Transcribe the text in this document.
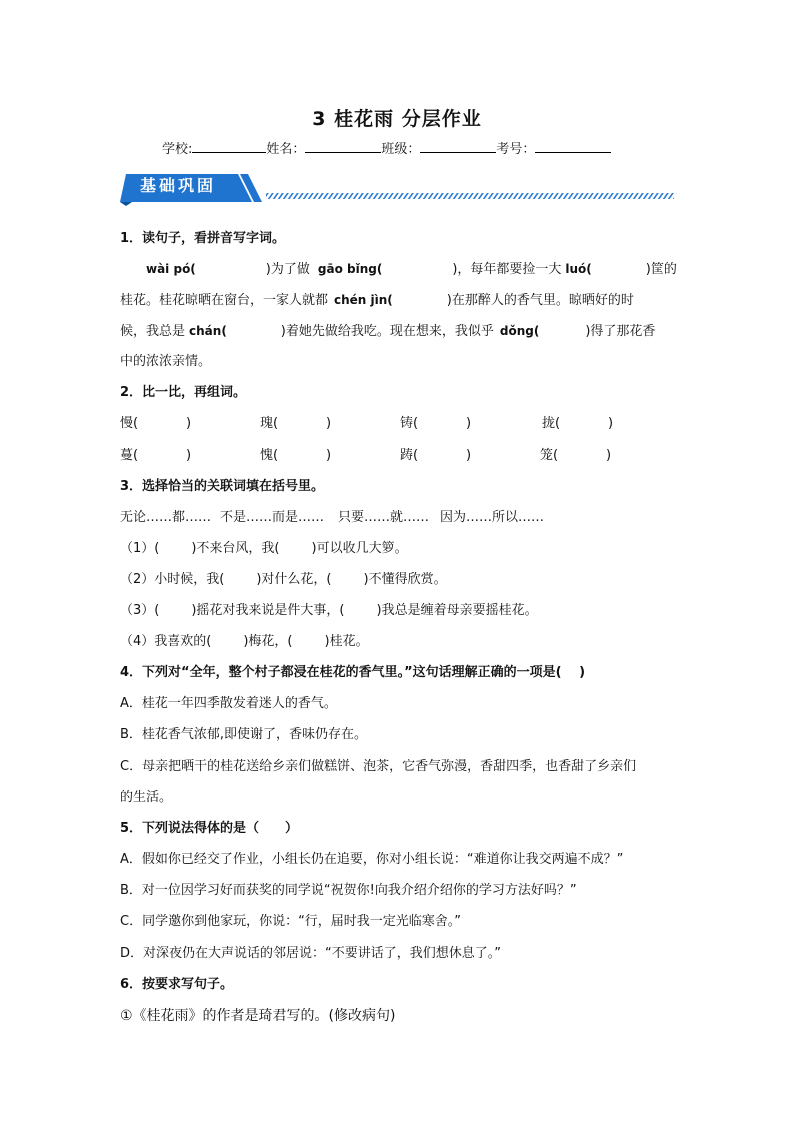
3 桂花雨 分层作业
学校:	姓名：	班级：	考号：
基础巩固
1．读句子，看拼音写字词。
wài pó(	)为了做 gāo bǐng(	)，每年都要捡一大 luó(	)筐的
桂花。桂花晾晒在窗台，一家人就都 chén jìn(	)在那醉人的香气里。晾晒好的时
候，我总是 chán(	)着她先做给我吃。现在想来，我似乎 dǒng(	)得了那花香
中的浓浓亲情。
2．比一比，再组词。
慢(	)	瑰(	)	铸(	)	拢(	)
蔓(	)	愧(	)	踌(	)	笼(	)
3．选择恰当的关联词填在括号里。
无论……都…… 不是……而是…… 只要……就…… 因为……所以……
（1）( )不来台风，我( )可以收几大箩。
（2）小时候，我( )对什么花，( )不懂得欣赏。
（3）( )摇花对我来说是件大事，( )我总是缠着母亲要摇桂花。
（4）我喜欢的( )梅花，( )桂花。
4．下列对“全年，整个村子都浸在桂花的香气里。”这句话理解正确的一项是(　 )
A．桂花一年四季散发着迷人的香气。
B．桂花香气浓郁,即使谢了，香味仍存在。
C．母亲把晒干的桂花送给乡亲们做糕饼、泡茶，它香气弥漫，香甜四季，也香甜了乡亲们
的生活。
5．下列说法得体的是（　　）
A．假如你已经交了作业，小组长仍在追要，你对小组长说：“难道你让我交两遍不成？”
B．对一位因学习好而获奖的同学说“祝贺你!向我介绍介绍你的学习方法好吗？”
C．同学邀你到他家玩，你说：“行，届时我一定光临寒舍。”
D．对深夜仍在大声说话的邻居说：“不要讲话了，我们想休息了。”
6．按要求写句子。
①《桂花雨》的作者是琦君写的。(修改病句)
